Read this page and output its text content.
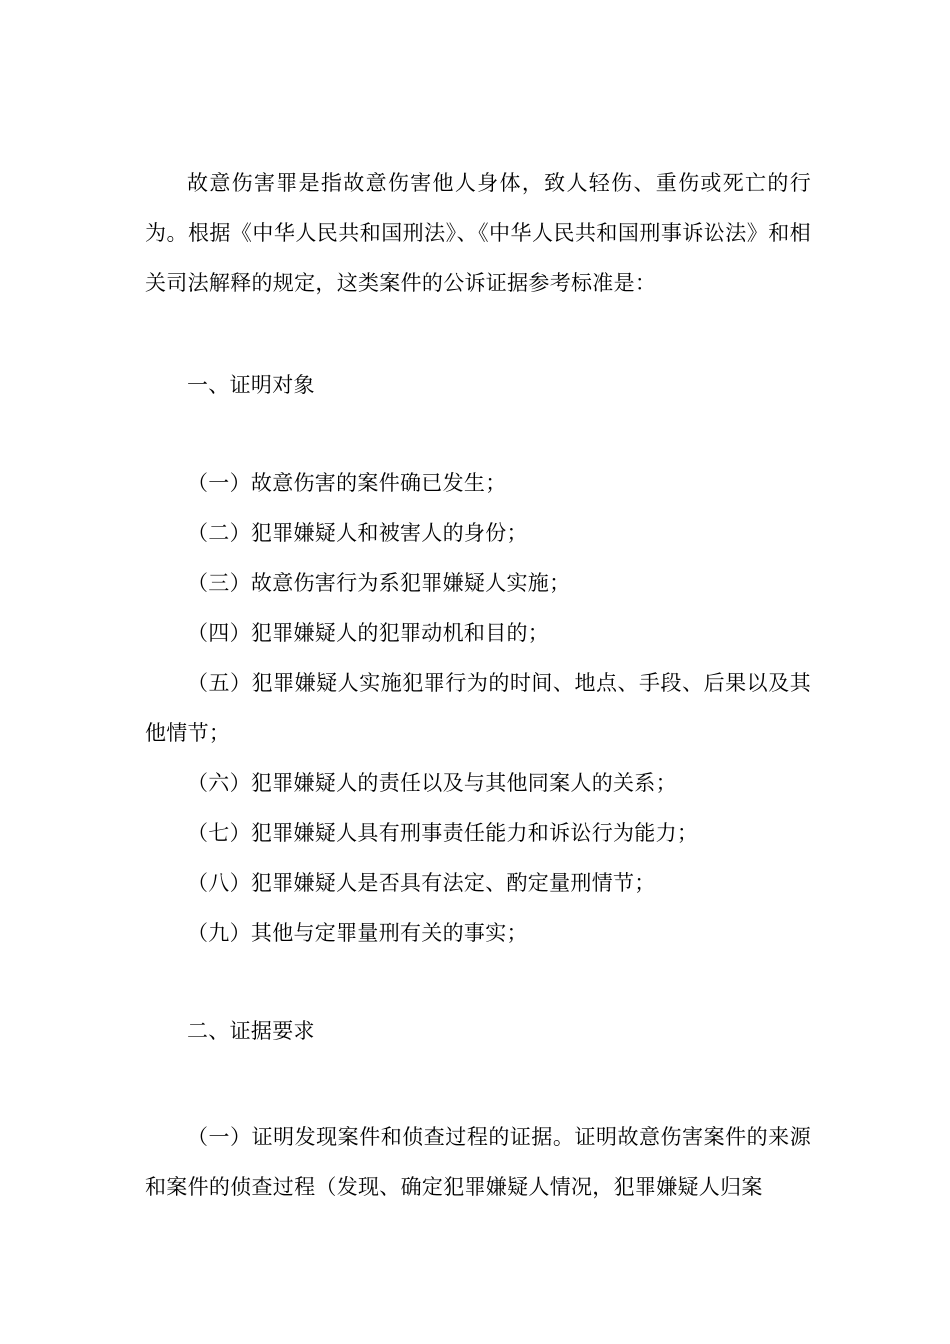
故意伤害罪是指故意伤害他人身体，致人轻伤、重伤或死亡的行为。根据《中华人民共和国刑法》、《中华人民共和国刑事诉讼法》和相关司法解释的规定，这类案件的公诉证据参考标准是：

一、证明对象

（一）故意伤害的案件确已发生；

（二）犯罪嫌疑人和被害人的身份；

（三）故意伤害行为系犯罪嫌疑人实施；

（四）犯罪嫌疑人的犯罪动机和目的；

（五）犯罪嫌疑人实施犯罪行为的时间、地点、手段、后果以及其他情节；

（六）犯罪嫌疑人的责任以及与其他同案人的关系；

（七）犯罪嫌疑人具有刑事责任能力和诉讼行为能力；

（八）犯罪嫌疑人是否具有法定、酌定量刑情节；

（九）其他与定罪量刑有关的事实；

二、证据要求

（一）证明发现案件和侦查过程的证据。证明故意伤害案件的来源和案件的侦查过程（发现、确定犯罪嫌疑人情况，犯罪嫌疑人归案
